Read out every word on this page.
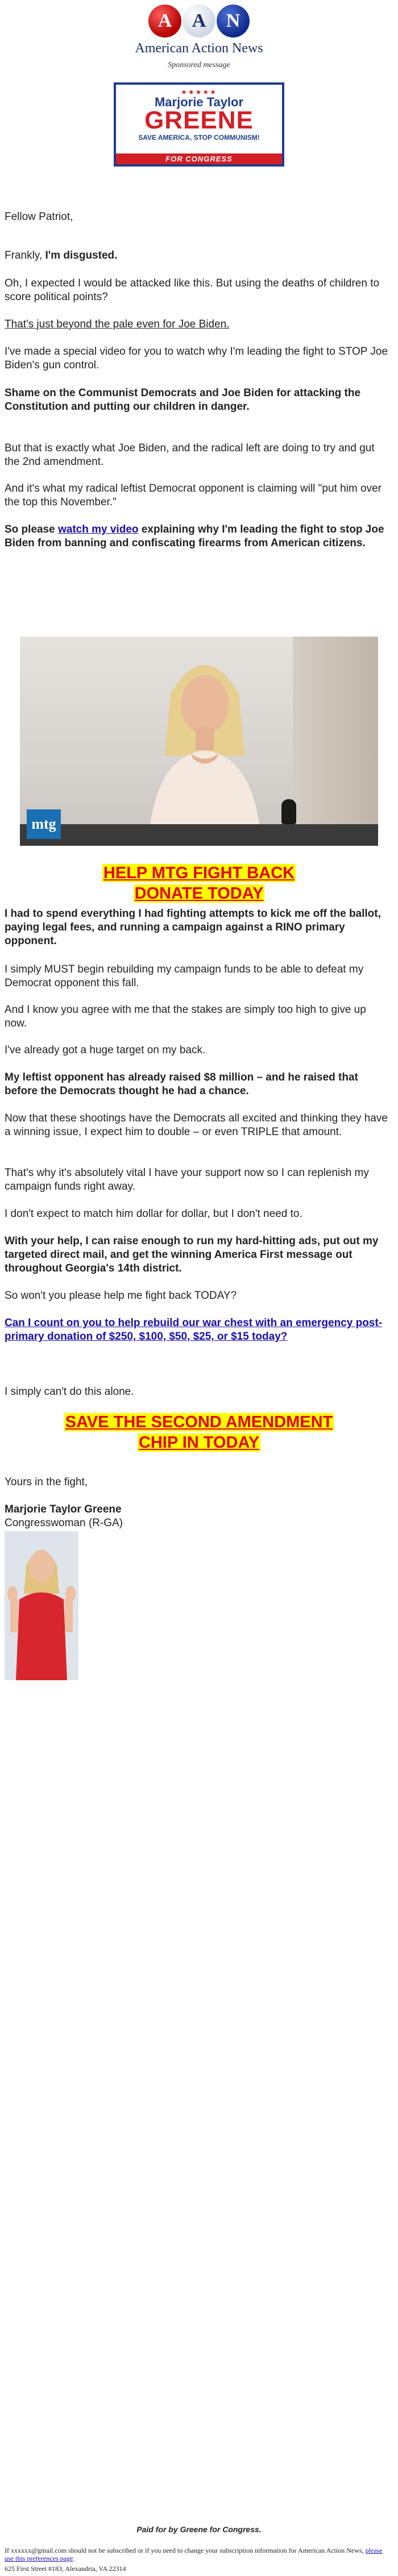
A	A	N
American Action News
Sponsored message
★★★★★
Marjorie Taylor
GREENE
SAVE AMERICA, STOP COMMUNISM!
FOR CONGRESS
Fellow Patriot,
Frankly, I'm disgusted.
Oh, I expected I would be attacked like this. But using the deaths of children to score political points?
That's just beyond the pale even for Joe Biden.
I've made a special video for you to watch why I'm leading the fight to STOP Joe Biden's gun control.
Shame on the Communist Democrats and Joe Biden for attacking the Constitution and putting our children in danger.
But that is exactly what Joe Biden, and the radical left are doing to try and gut the 2nd amendment.
And it's what my radical leftist Democrat opponent is claiming will "put him over the top this November."
So please watch my video explaining why I'm leading the fight to stop Joe Biden from banning and confiscating firearms from American citizens.
mtg
HELP MTG FIGHT BACK
DONATE TODAY
I had to spend everything I had fighting attempts to kick me off the ballot, paying legal fees, and running a campaign against a RINO primary opponent.
I simply MUST begin rebuilding my campaign funds to be able to defeat my Democrat opponent this fall.
And I know you agree with me that the stakes are simply too high to give up now.
I've already got a huge target on my back.
My leftist opponent has already raised $8 million – and he raised that before the Democrats thought he had a chance.
Now that these shootings have the Democrats all excited and thinking they have a winning issue, I expect him to double – or even TRIPLE that amount.
That's why it's absolutely vital I have your support now so I can replenish my campaign funds right away.
I don't expect to match him dollar for dollar, but I don't need to.
With your help, I can raise enough to run my hard-hitting ads, put out my targeted direct mail, and get the winning America First message out throughout Georgia's 14th district.
So won't you please help me fight back TODAY?
Can I count on you to help rebuild our war chest with an emergency post-primary donation of $250, $100, $50, $25, or $15 today?
I simply can't do this alone.
SAVE THE SECOND AMENDMENT
CHIP IN TODAY
Yours in the fight,
Marjorie Taylor Greene
Congresswoman (R-GA)
Paid for by Greene for Congress.
If xxxxxx@gmail.com should not be subscribed or if you need to change your subscription information for American Action News, please use this preferences page.
625 First Street #183, Alexandria, VA 22314
